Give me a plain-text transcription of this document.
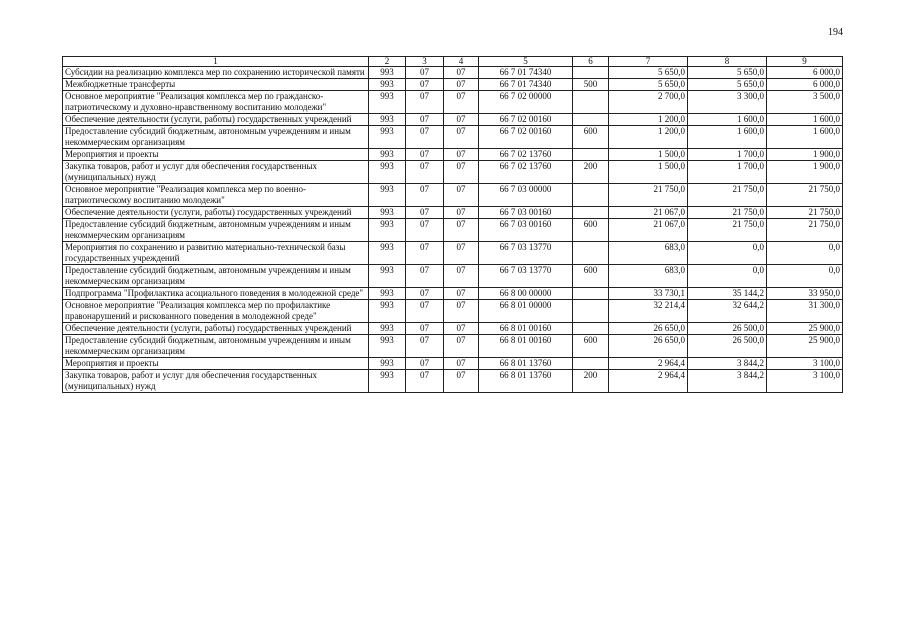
194
1	2	3	4	5	6	7	8	9
Субсидии на реализацию комплекса мер по сохранению исторической памяти	993	07	07	66 7 01 74340		5 650,0	5 650,0	6 000,0
Межбюджетные трансферты	993	07	07	66 7 01 74340	500	5 650,0	5 650,0	6 000,0
Основное мероприятие "Реализация комплекса мер по гражданско-патриотическому и духовно-нравственному воспитанию молодежи"	993	07	07	66 7 02 00000		2 700,0	3 300,0	3 500,0
Обеспечение деятельности (услуги, работы) государственных учреждений	993	07	07	66 7 02 00160		1 200,0	1 600,0	1 600,0
Предоставление субсидий бюджетным, автономным учреждениям и иным некоммерческим организациям	993	07	07	66 7 02 00160	600	1 200,0	1 600,0	1 600,0
Мероприятия и проекты	993	07	07	66 7 02 13760		1 500,0	1 700,0	1 900,0
Закупка товаров, работ и услуг для обеспечения государственных (муниципальных) нужд	993	07	07	66 7 02 13760	200	1 500,0	1 700,0	1 900,0
Основное мероприятие "Реализация комплекса мер по военно-патриотическому воспитанию молодежи"	993	07	07	66 7 03 00000		21 750,0	21 750,0	21 750,0
Обеспечение деятельности (услуги, работы) государственных учреждений	993	07	07	66 7 03 00160		21 067,0	21 750,0	21 750,0
Предоставление субсидий бюджетным, автономным учреждениям и иным некоммерческим организациям	993	07	07	66 7 03 00160	600	21 067,0	21 750,0	21 750,0
Мероприятия по сохранению и развитию материально-технической базы государственных учреждений	993	07	07	66 7 03 13770		683,0	0,0	0,0
Предоставление субсидий бюджетным, автономным учреждениям и иным некоммерческим организациям	993	07	07	66 7 03 13770	600	683,0	0,0	0,0
Подпрограмма "Профилактика асоциального поведения в молодежной среде"	993	07	07	66 8 00 00000		33 730,1	35 144,2	33 950,0
Основное мероприятие "Реализация комплекса мер по профилактике правонарушений и рискованного поведения в молодежной среде"	993	07	07	66 8 01 00000		32 214,4	32 644,2	31 300,0
Обеспечение деятельности (услуги, работы) государственных учреждений	993	07	07	66 8 01 00160		26 650,0	26 500,0	25 900,0
Предоставление субсидий бюджетным, автономным учреждениям и иным некоммерческим организациям	993	07	07	66 8 01 00160	600	26 650,0	26 500,0	25 900,0
Мероприятия и проекты	993	07	07	66 8 01 13760		2 964,4	3 844,2	3 100,0
Закупка товаров, работ и услуг для обеспечения государственных (муниципальных) нужд	993	07	07	66 8 01 13760	200	2 964,4	3 844,2	3 100,0
